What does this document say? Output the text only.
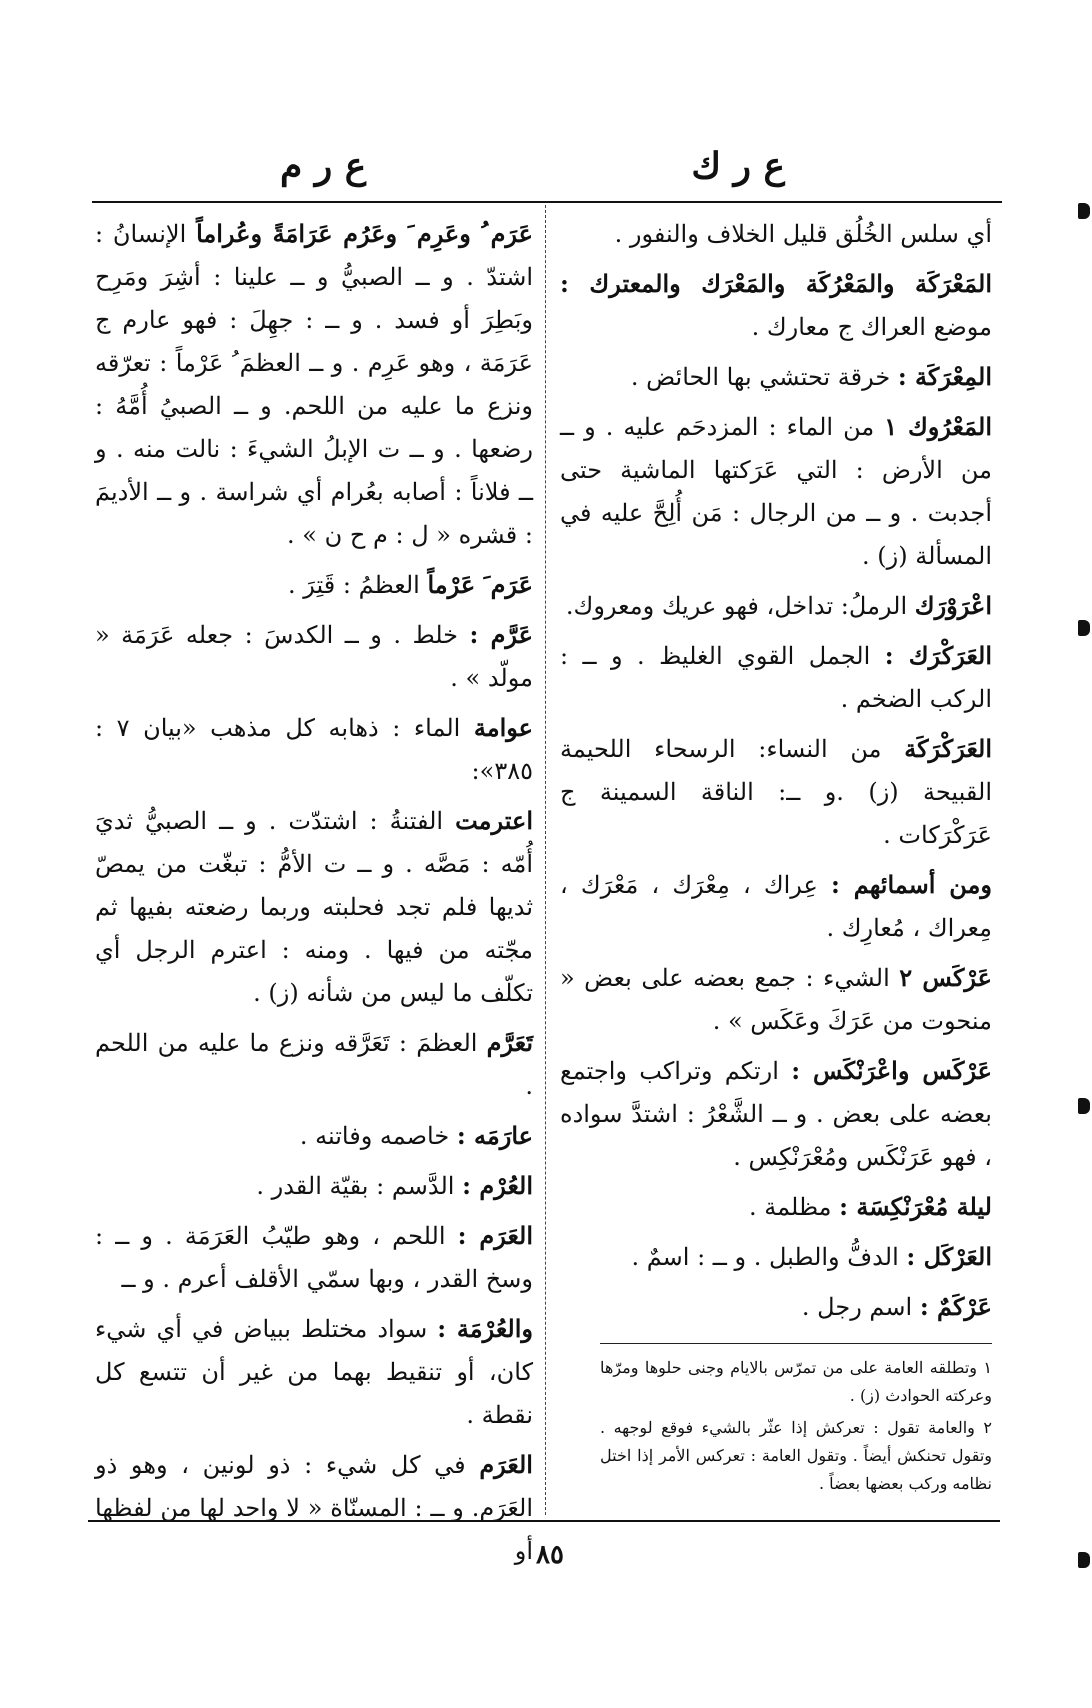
ع ر ك
ع ر م
أي سلس الخُلُق قليل الخلاف والنفور .
المَعْرَكَة والمَعْرُكَة والمَعْرَك والمعترك : موضع العراك ج معارك .
المِعْرَكَة : خرقة تحتشي بها الحائض .
المَعْرُوك ١ من الماء : المزدحَم عليه . و ــ من الأرض : التي عَرَكتها الماشية حتى أجدبت . و ــ من الرجال : مَن أُلِحَّ عليه في المسألة (ز) .
اعْرَوْرَك الرملُ: تداخل، فهو عريك ومعروك.
العَرَكْرَك : الجمل القوي الغليظ . و ــ : الركب الضخم .
العَرَكْرَكَة من النساء: الرسحاء اللحيمة القبيحة (ز) .و ــ: الناقة السمينة ج عَرَكْرَكات .
ومن أسمائهم : عِراك ، مِعْرَك ، مَعْرَك ، مِعراك ، مُعارِك .
عَرْكَس ٢ الشيء : جمع بعضه على بعض « منحوت من عَرَكَ وعَكَس » .
عَرْكَس واعْرَنْكَس : ارتكم وتراكب واجتمع بعضه على بعض . و ــ الشَّعْرُ : اشتدَّ سواده ، فهو عَرَنْكَس ومُعْرَنْكِس .
ليلة مُعْرَنْكِسَة : مظلمة .
العَرْكَل : الدفُّ والطبل . و ــ : اسمٌ .
عَرْكَمٌ : اسم رجل .
١ وتطلقه العامة على من تمرّس بالايام وجنى حلوها ومرّها وعركته الحوادث (ز) .
٢ والعامة تقول : تعركش إذا عثّر بالشيء فوقع لوجهه . وتقول تحنكش أيضاً . وتقول العامة : تعركس الأمر إذا اختل نظامه وركب بعضها بعضاً .
عَرَم ُ وعَرِم َ وعَرُم عَرَامَةً وعُراماً الإنسانُ : اشتدّ . و ــ الصبيُّ و ــ علينا : أشِرَ ومَرِح وبَطِرَ أو فسد . و ــ : جهِلَ : فهو عارم ج عَرَمَة ، وهو عَرِم . و ــ العظمَ ُ عَرْماً : تعرّقه ونزع ما عليه من اللحم. و ــ الصبيُ أُمَّهُ : رضعها . و ــ ت الإبلُ الشيءَ : نالت منه . و ــ فلاناً : أصابه بعُرام أي شراسة . و ــ الأديمَ : قشره « ل : م ح ن » .
عَرَم َ عَرْماً العظمُ : قَتِرَ .
عَرَّم : خلط . و ــ الكدسَ : جعله عَرَمَة « مولّد » .
عوامة الماء : ذهابه كل مذهب «بيان ٧ : ٣٨٥»:
اعترمت الفتنةُ : اشتدّت . و ــ الصبيُّ ثديَ أُمّه : مَصَّه . و ــ ت الأمُّ : تبغّت من يمصّ ثديها فلم تجد فحلبته وربما رضعته بفيها ثم مجّته من فيها . ومنه : اعترم الرجل أي تكلّف ما ليس من شأنه (ز) .
تَعَرَّم العظمَ : تَعَرَّقه ونزع ما عليه من اللحم .
عارَمَه : خاصمه وفاتنه .
العُرْم : الدَّسم : بقيّة القدر .
العَرَم : اللحم ، وهو طيّبُ العَرَمَة . و ــ : وسخ القدر ، وبها سمّي الأقلف أعرم . و ــ
والعُرْمَة : سواد مختلط ببياض في أي شيء كان، أو تنقيط بهما من غير أن تتسع كل نقطة .
العَرَم في كل شيء : ذو لونين ، وهو ذو العَرَم. و ــ : المسنّاة « لا واحد لها من لفظها أو ٨٥
